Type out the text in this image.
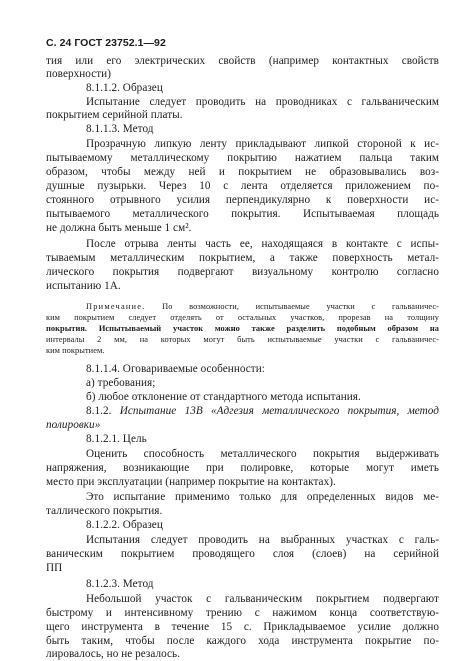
С. 24 ГОСТ 23752.1—92
тия или его электрических свойств (например контактных свойств
поверхности)
8.1.1.2. Образец
Испытание следует проводить на проводниках с гальваническим
покрытием серийной платы.
8.1.1.3. Метод
Прозрачную липкую ленту прикладывают липкой стороной к ис-
пытываемому металлическому покрытию нажатием пальца таким
образом, чтобы между ней и покрытием не образовывались воз-
душные пузырьки. Через 10 с лента отделяется приложением по-
стоянного отрывного усилия перпендикулярно к поверхности ис-
пытываемого металлического покрытия. Испытываемая площадь
не должна быть меньше 1 см².
После отрыва ленты часть ее, находящаяся в контакте с испы-
тываемым металлическим покрытием, а также поверхность метал-
лического покрытия подвергают визуальному контролю согласно
испытанию 1А.
Примечание. По возможности, испытываемые участки с гальваничес-
ким покрытием следует отделять от остальных участков, прорезав на толщину
покрытия. Испытываемый участок можно также разделить подобным образом на
интервалы 2 мм, на которых могут быть испытываемые участки с гальваничес-
ким покрытием.
8.1.1.4. Оговариваемые особенности:
а) требования;
б) любое отклонение от стандартного метода испытания.
8.1.2. Испытание 13В «Адгезия металлического покрытия, метод
полировки»
8.1.2.1. Цель
Оценить способность металлического покрытия выдерживать
напряжения, возникающие при полировке, которые могут иметь
место при эксплуатации (например покрытие на контактах).
Это испытание применимо только для определенных видов ме-
таллического покрытия.
8.1.2.2. Образец
Испытания следует проводить на выбранных участках с галь-
ваническим покрытием проводящего слоя (слоев) на серийной
ПП
8.1.2.3. Метод
Небольшой участок с гальваническим покрытием подвергают
быстрому и интенсивному трению с нажимом конца соответствую-
щего инструмента в течение 15 с. Прикладываемое усилие должно
быть таким, чтобы после каждого хода инструмента покрытие по-
лировалось, но не резалось.
